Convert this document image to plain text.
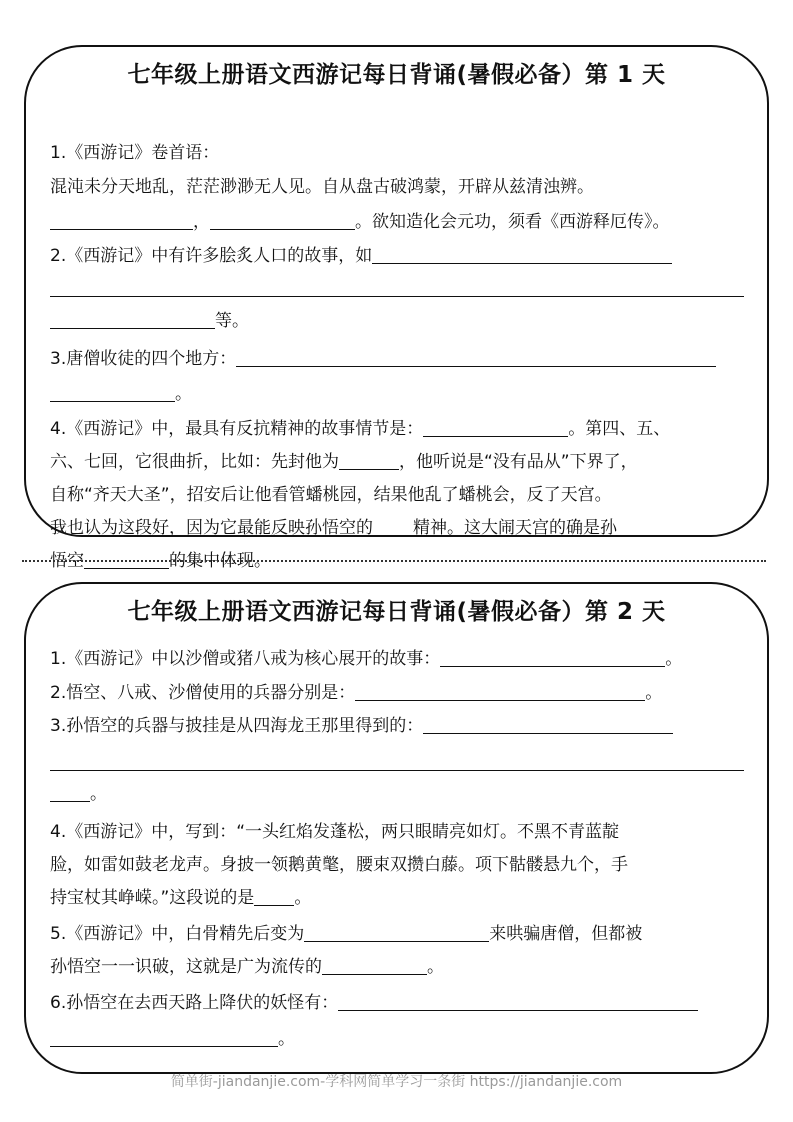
七年级上册语文西游记每日背诵(暑假必备）第 1 天
1.《西游记》卷首语：
混沌未分天地乱，茫茫渺渺无人见。自从盘古破鸿蒙，开辟从兹清浊辨。
，	。欲知造化会元功，须看《西游释厄传》。
2.《西游记》中有许多脍炙人口的故事，如
等。
3.唐僧收徒的四个地方：
。
4.《西游记》中，最具有反抗精神的故事情节是：	。第四、五、
六、七回，它很曲折，比如：先封他为	，他听说是“没有品从”下界了，
自称“齐天大圣”，招安后让他看管蟠桃园，结果他乱了蟠桃会，反了天宫。
我也认为这段好，因为它最能反映孙悟空的 精神。这大闹天宫的确是孙
悟空	的集中体现。
七年级上册语文西游记每日背诵(暑假必备）第 2 天
1.《西游记》中以沙僧或猪八戒为核心展开的故事：	。
2.悟空、八戒、沙僧使用的兵器分别是：	。
3.孙悟空的兵器与披挂是从四海龙王那里得到的：
。
4.《西游记》中，写到：“一头红焰发蓬松，两只眼睛亮如灯。不黑不青蓝靛
脸，如雷如鼓老龙声。身披一领鹅黄氅，腰束双攒白藤。项下骷髅悬九个，手
持宝杖其峥嵘。”这段说的是 。
5.《西游记》中，白骨精先后变为	来哄骗唐僧，但都被
孙悟空一一识破，这就是广为流传的	。
6.孙悟空在去西天路上降伏的妖怪有：
。
简单街-jiandanjie.com-学科网简单学习一条街 https://jiandanjie.com
